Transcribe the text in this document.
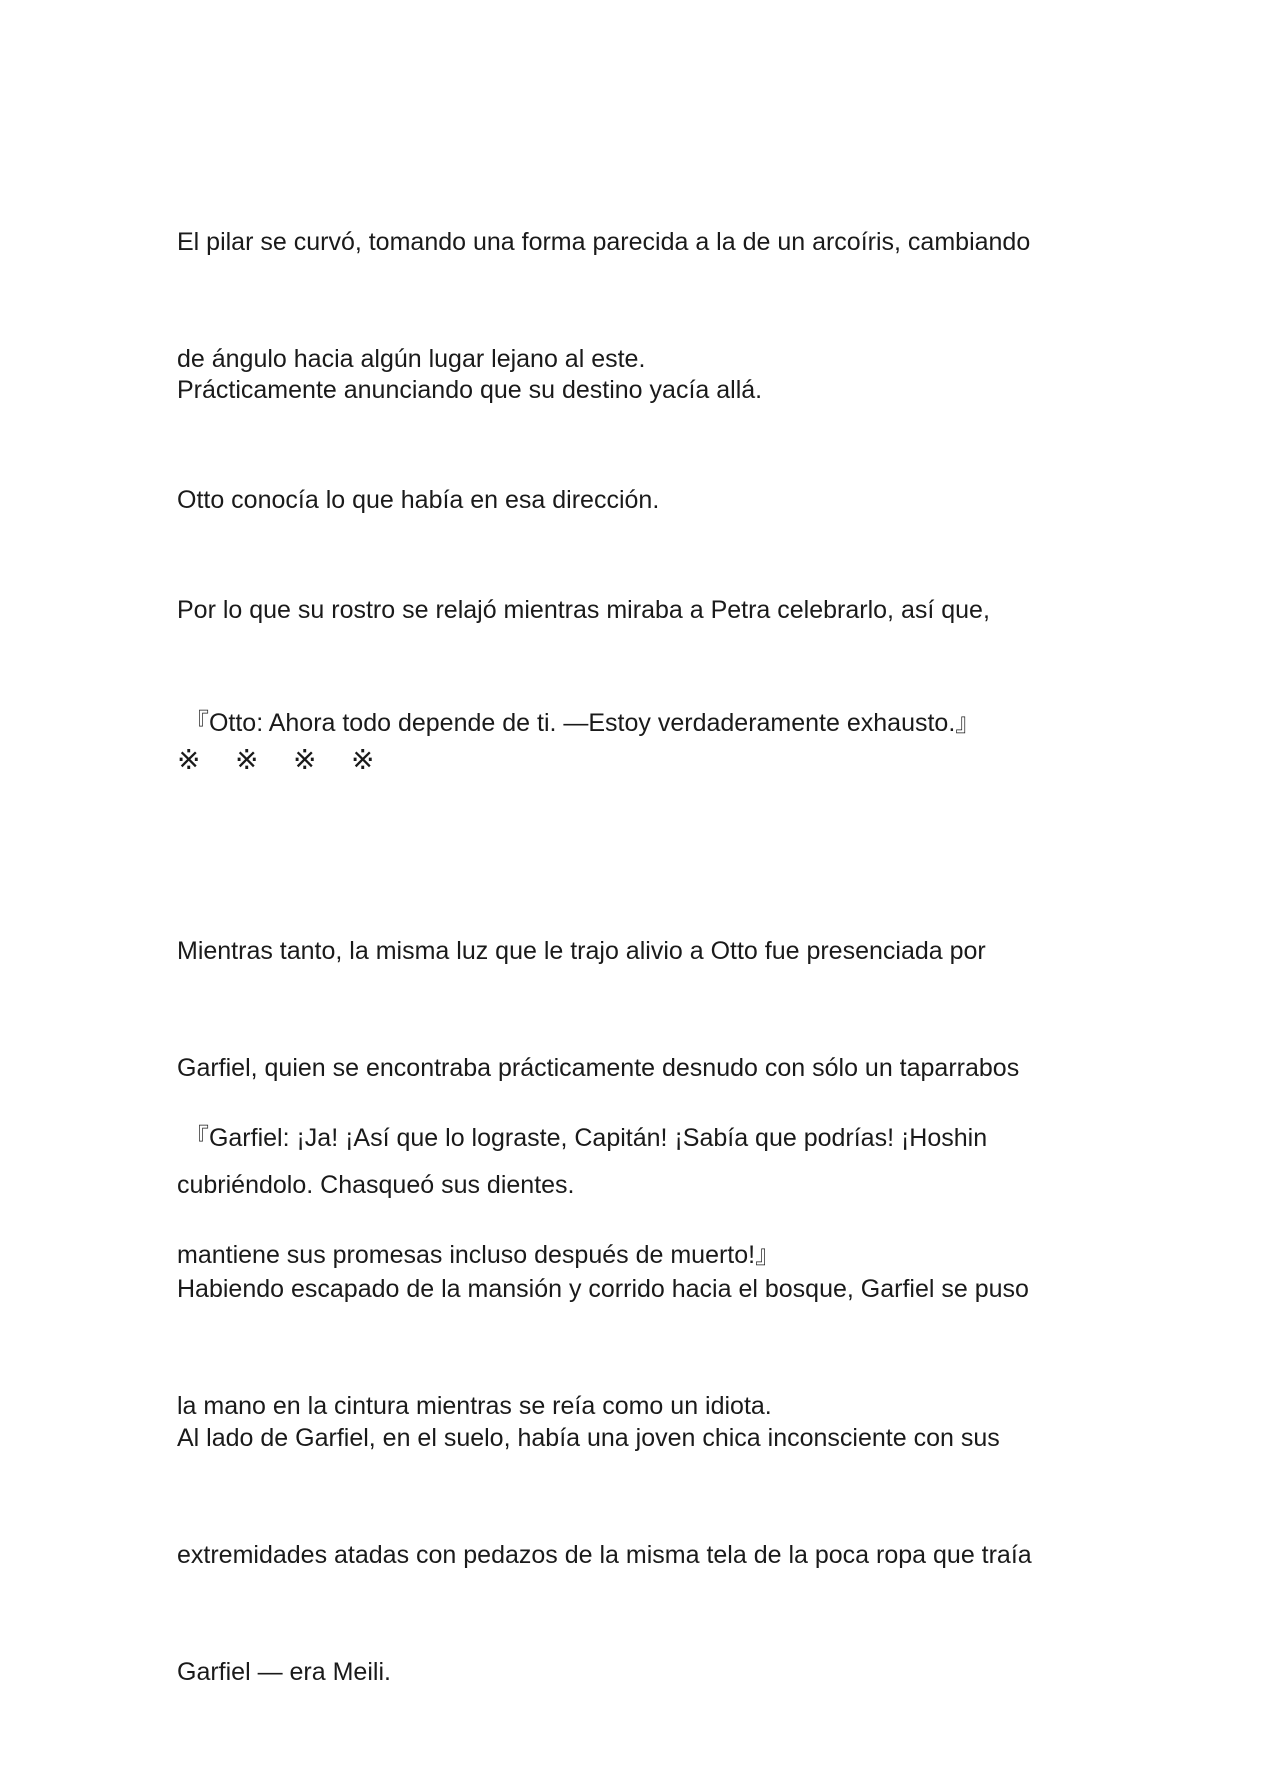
El pilar se curvó, tomando una forma parecida a la de un arcoíris, cambiando

de ángulo hacia algún lugar lejano al este.

Prácticamente anunciando que su destino yacía allá.

Otto conocía lo que había en esa dirección.

Por lo que su rostro se relajó mientras miraba a Petra celebrarlo, así que,

『Otto: Ahora todo depende de ti. —Estoy verdaderamente exhausto.』

※ ※ ※ ※

Mientras tanto, la misma luz que le trajo alivio a Otto fue presenciada por

Garfiel, quien se encontraba prácticamente desnudo con sólo un taparrabos

cubriéndolo. Chasqueó sus dientes.

『Garfiel: ¡Ja! ¡Así que lo lograste, Capitán! ¡Sabía que podrías! ¡Hoshin

mantiene sus promesas incluso después de muerto!』

Habiendo escapado de la mansión y corrido hacia el bosque, Garfiel se puso

la mano en la cintura mientras se reía como un idiota.

Al lado de Garfiel, en el suelo, había una joven chica inconsciente con sus

extremidades atadas con pedazos de la misma tela de la poca ropa que traía

Garfiel — era Meili.
